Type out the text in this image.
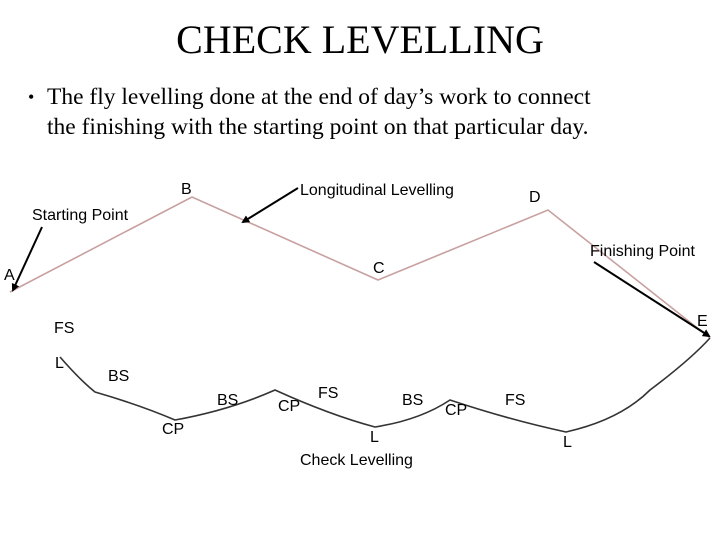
CHECK LEVELLING
• The fly levelling done at the end of day’s work to connect
the finishing with the starting point on that particular day.
B	Longitudinal Levelling	D
Starting Point
Finishing Point
A	C
FS	E
L
BS
BS CP
FS	BS
CP
FS
CP	L
Check Levelling
L
